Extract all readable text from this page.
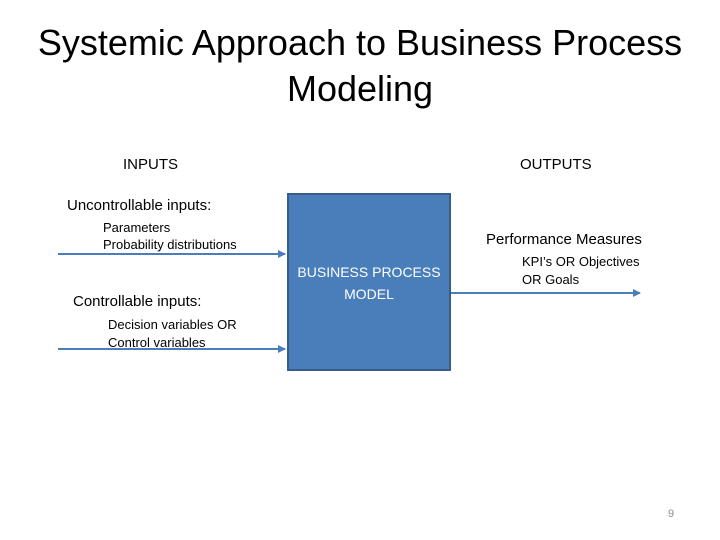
Systemic Approach to Business Process
Modeling
INPUTS	OUTPUTS
Uncontrollable inputs:
Parameters
Probability distributions
Controllable inputs:
Decision variables OR
Control variables
BUSINESS PROCESS
MODEL
Performance Measures
KPI’s OR Objectives
OR Goals
9
